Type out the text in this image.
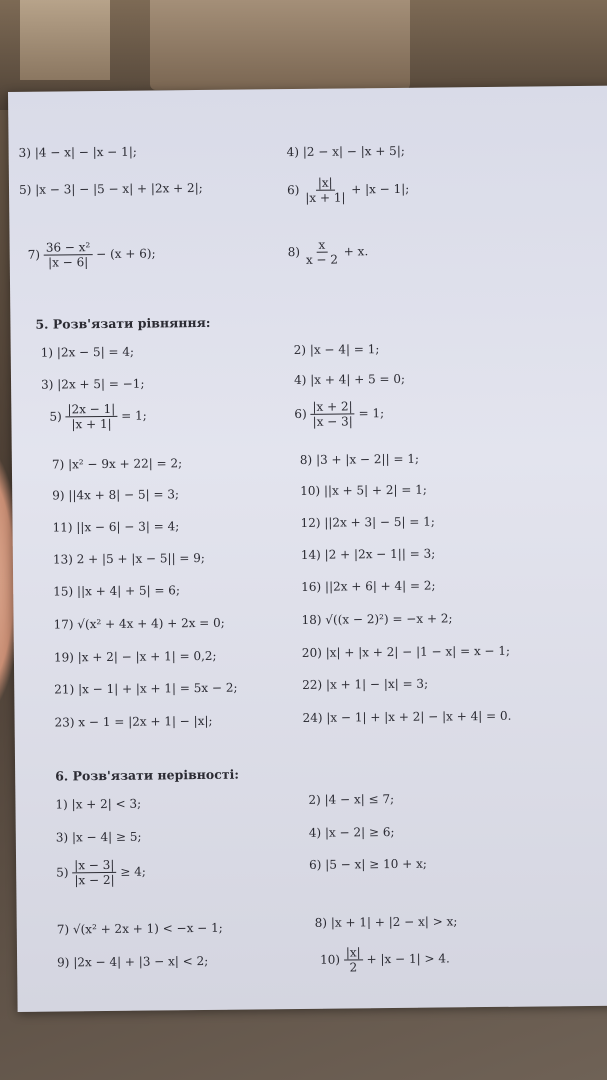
3) |4 − x| − |x − 1|;	4) |2 − x| − |x + 5|;
5) |x − 3| − |5 − x| + |2x + 2|;	$6) \frac{|x|}{|x + 1|} + |x - 1|$;
$7) \frac{\text{36 − x²}}{|x - 6|} - (x + 6)$;	$8) \frac{x}{x - 2} + x$.
5. Розв'язати рівняння:
1) |2x − 5| = 4;	2) |x − 4| = 1;
3) |2x + 5| = −1;	4) |x + 4| + 5 = 0;
$5) \frac{|2x - 1|}{|x + 1|} = 1$;	$6) \frac{|x + 2|}{|x - 3|} = 1$;
7) |x² − 9x + 22| = 2;	8) |3 + |x − 2|| = 1;
9) ||4x + 8| − 5| = 3;	10) ||x + 5| + 2| = 1;
11) ||x − 6| − 3| = 4;	12) ||2x + 3| − 5| = 1;
13) 2 + |5 + |x − 5|| = 9;	14) |2 + |2x − 1|| = 3;
15) ||x + 4| + 5| = 6;	16) ||2x + 6| + 4| = 2;
17) √(x² + 4x + 4) + 2x = 0;	18) √((x − 2)²) = −x + 2;
19) |x + 2| − |x + 1| = 0,2;	20) |x| + |x + 2| − |1 − x| = x − 1;
21) |x − 1| + |x + 1| = 5x − 2;	22) |x + 1| − |x| = 3;
23) x − 1 = |2x + 1| − |x|;	24) |x − 1| + |x + 2| − |x + 4| = 0.
6. Розв'язати нерівності:
1) |x + 2| < 3;	2) |4 − x| ≤ 7;
3) |x − 4| ≥ 5;	4) |x − 2| ≥ 6;
$5) \frac{|x - 3|}{|x - 2|} \ge 4$;	6) |5 − x| ≥ 10 + x;
7) √(x² + 2x + 1) < −x − 1;	8) |x + 1| + |2 − x| > x;
9) |2x − 4| + |3 − x| < 2;	$10) \frac{|x|}{2} + |x - 1| > 4$.
